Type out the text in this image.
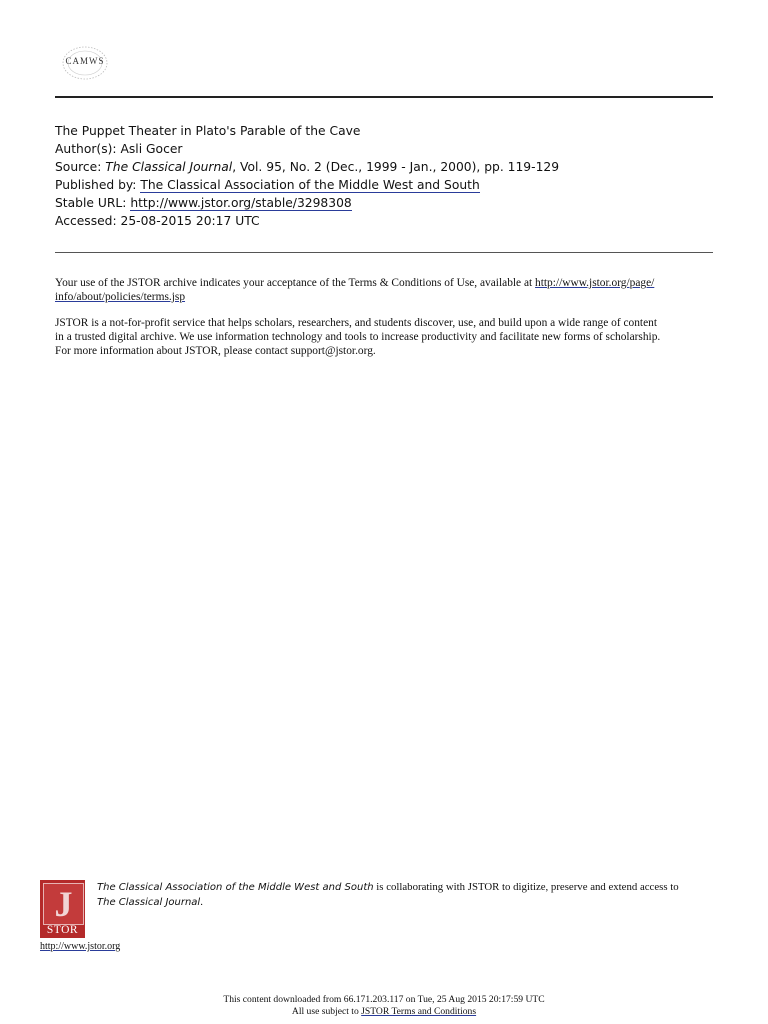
CAMWS
The Puppet Theater in Plato's Parable of the Cave
Author(s): Asli Gocer
Source: The Classical Journal, Vol. 95, No. 2 (Dec., 1999 - Jan., 2000), pp. 119-129
Published by: The Classical Association of the Middle West and South
Stable URL: http://www.jstor.org/stable/3298308
Accessed: 25-08-2015 20:17 UTC

Your use of the JSTOR archive indicates your acceptance of the Terms & Conditions of Use, available at http://www.jstor.org/page/
info/about/policies/terms.jsp

JSTOR is a not-for-profit service that helps scholars, researchers, and students discover, use, and build upon a wide range of content
in a trusted digital archive. We use information technology and tools to increase productivity and facilitate new forms of scholarship.
For more information about JSTOR, please contact support@jstor.org.

J
STOR
The Classical Association of the Middle West and South is collaborating with JSTOR to digitize, preserve and extend access to
The Classical Journal.
http://www.jstor.org
This content downloaded from 66.171.203.117 on Tue, 25 Aug 2015 20:17:59 UTC
All use subject to JSTOR Terms and Conditions
